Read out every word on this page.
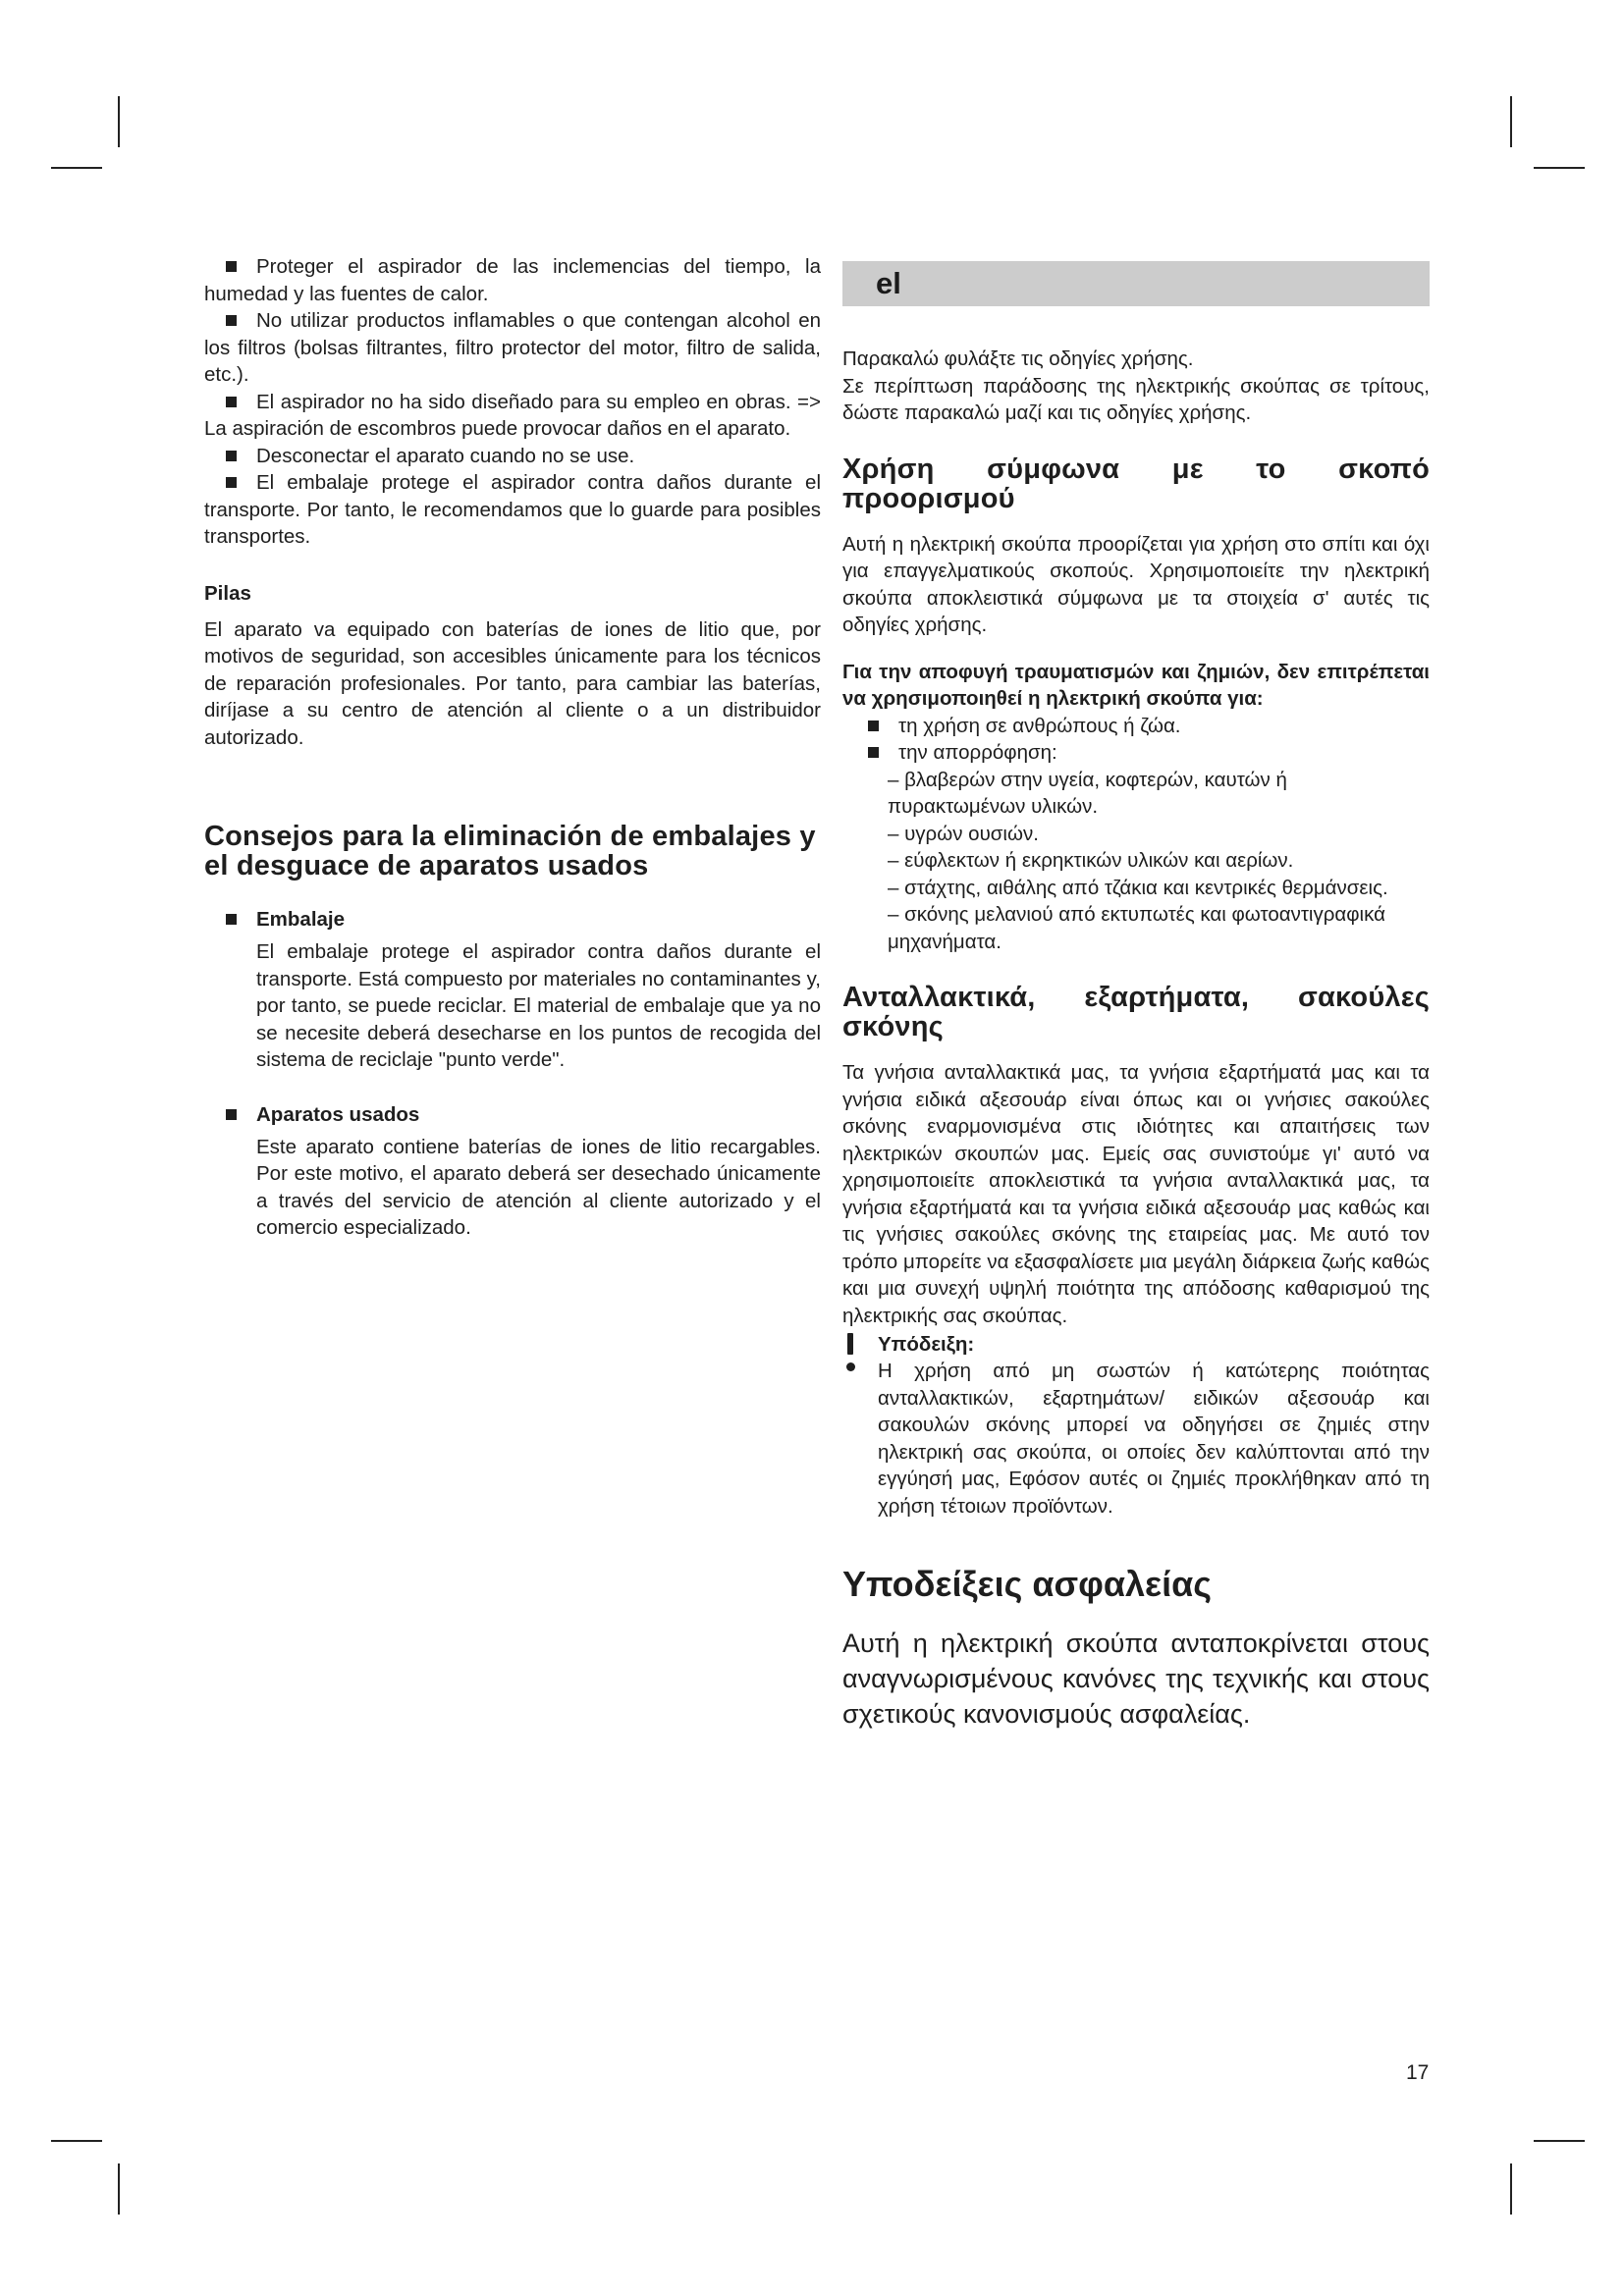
Proteger el aspirador de las inclemencias del tiempo, la humedad y las fuentes de calor.
No utilizar productos inflamables o que contengan alcohol en los filtros (bolsas filtrantes, filtro protector del motor, filtro de salida, etc.).
El aspirador no ha sido diseñado para su empleo en obras. => La aspiración de escombros puede provocar daños en el aparato.
Desconectar el aparato cuando no se use.
El embalaje protege el aspirador contra daños durante el transporte. Por tanto, le recomendamos que lo guarde para posibles transportes.

Pilas

El aparato va equipado con baterías de iones de litio que, por motivos de seguridad, son accesibles únicamente para los técnicos de reparación profesionales. Por tanto, para cambiar las baterías, diríjase a su centro de atención al cliente o a un distribuidor autorizado.

Consejos para la eliminación de embalajes y el desguace de aparatos usados
Embalaje

El embalaje protege el aspirador contra daños durante el transporte. Está compuesto por materiales no contaminantes y, por tanto, se puede reciclar. El material de embalaje que ya no se necesite deberá desecharse en los puntos de recogida del sistema de reciclaje "punto verde".

Aparatos usados

Este aparato contiene baterías de iones de litio recargables. Por este motivo, el aparato deberá ser desechado únicamente a través del servicio de atención al cliente autorizado y el comercio especializado.

el

Παρακαλώ φυλάξτε τις οδηγίες χρήσης.

Σε περίπτωση παράδοσης της ηλεκτρικής σκούπας σε τρίτους, δώστε παρακαλώ μαζί και τις οδηγίες χρήσης.

Χρήση σύμφωνα με το σκοπό προορισμού

Αυτή η ηλεκτρική σκούπα προορίζεται για χρήση στο σπίτι και όχι για επαγγελματικούς σκοπούς. Χρησιμοποιείτε την ηλεκτρική σκούπα αποκλειστικά σύμφωνα με τα στοιχεία σ' αυτές τις οδηγίες χρήσης.

Για την αποφυγή τραυματισμών και ζημιών, δεν επιτρέπεται να χρησιμοποιηθεί η ηλεκτρική σκούπα για:

τη χρήση σε ανθρώπους ή ζώα.
την απορρόφηση:
– βλαβερών στην υγεία, κοφτερών, καυτών ή πυρακτωμένων υλικών.
– υγρών ουσιών.
– εύφλεκτων ή εκρηκτικών υλικών και αερίων.
– στάχτης, αιθάλης από τζάκια και κεντρικές θερμάνσεις.
– σκόνης μελανιού από εκτυπωτές και φωτοαντιγραφικά μηχανήματα.
Ανταλλακτικά, εξαρτήματα, σακούλες σκόνης

Τα γνήσια ανταλλακτικά μας, τα γνήσια εξαρτήματά μας και τα γνήσια ειδικά αξεσουάρ είναι όπως και οι γνήσιες σακούλες σκόνης εναρμονισμένα στις ιδιότητες και απαιτήσεις των ηλεκτρικών σκουπών μας. Εμείς σας συνιστούμε γι' αυτό να χρησιμοποιείτε αποκλειστικά τα γνήσια ανταλλακτικά μας, τα γνήσια εξαρτήματά και τα γνήσια ειδικά αξεσουάρ μας καθώς και τις γνήσιες σακούλες σκόνης της εταιρείας μας. Με αυτό τον τρόπο μπορείτε να εξασφαλίσετε μια μεγάλη διάρκεια ζωής καθώς και μια συνεχή υψηλή ποιότητα της απόδοσης καθαρισμού της ηλεκτρικής σας σκούπας.

Υπόδειξη:

Η χρήση από μη σωστών ή κατώτερης ποιότητας ανταλλακτικών, εξαρτημάτων/ ειδικών αξεσουάρ και σακουλών σκόνης μπορεί να οδηγήσει σε ζημιές στην ηλεκτρική σας σκούπα, οι οποίες δεν καλύπτονται από την εγγύησή μας, Εφόσον αυτές οι ζημιές προκλήθηκαν από τη χρήση τέτοιων προϊόντων.

Υποδείξεις ασφαλείας

Αυτή η ηλεκτρική σκούπα ανταποκρίνεται στους αναγνωρισμένους κανόνες της τεχνικής και στους σχετικούς κανονισμούς ασφαλείας.

17
